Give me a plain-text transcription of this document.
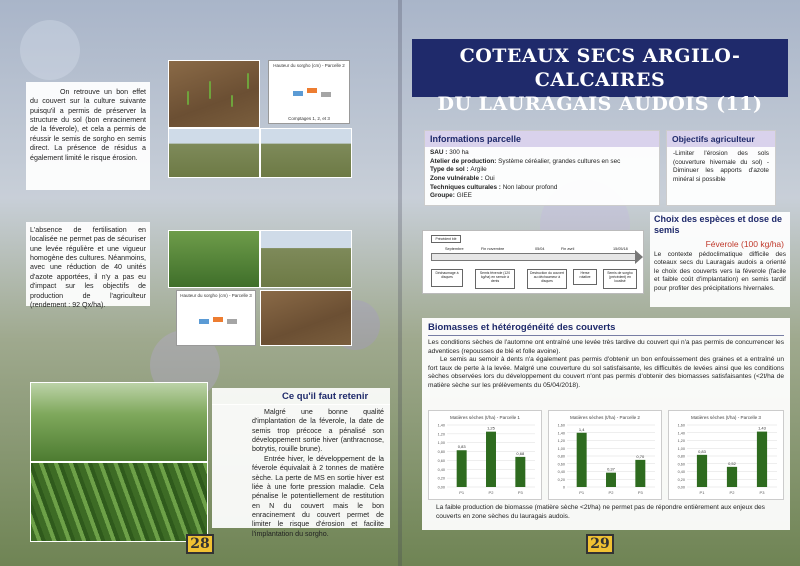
On retrouve un bon effet du couvert sur la culture suivante puisqu'il a permis de préserver la structure du sol (bon enracinement de la féverole), et cela a permis de réussir le semis de sorgho en semis direct. La présence de résidus a également limité le risque érosion.

L'absence de fertilisation en localisée ne permet pas de sécuriser une levée régulière et une vigueur homogène des cultures. Néanmoins, avec une réduction de 40 unités d'azote apportées, il n'y a pas eu d'impact sur les objectifs de production de l'agriculteur (rendement : 92 Qx/ha).

Hauteur du sorgho (cm) - Parcelle 2
Comptages 1, 2, et 3
Hauteur du sorgho (cm) - Parcelle 3
Ce qu'il faut retenir

Malgré une bonne qualité d'implantation de la féverole, la date de semis trop précoce a pénalisé son développement sortie hiver (anthracnose, botrytis, rouille brune).

Entrée hiver, le développement de la féverole équivalait à 2 tonnes de matière sèche. La perte de MS en sortie hiver est liée à une forte pression maladie. Cela pénalise le potentiellement de restitution en N du couvert mais le bon enracinement du couvert permet de limiter le risque d'érosion et facilite l'implantation du sorgho.

28
COTEAUX SECS ARGILO-CALCAIRES
DU LAURAGAIS AUDOIS (11)
Informations parcelle
SAU : 300 ha
Atelier de production: Système céréalier, grandes cultures en sec
Type de sol : Argile
Zone vulnérable : Oui
Techniques culturales : Non labour profond
Groupe: GIEE
Objectifs agriculteur
-Limiter l'érosion des sols (couverture hivernale du sol) -Diminuer les apports d'azote minéral si possible
Précédent blé
Septembre	Fin novembre	05/04	Fin avril	15/05/18
Déchaumage à disques
Semis féverole (120 kg/ha) en semoir à dents
Destruction du couvert au déchaumeur à disques
Herse rotative
Semis de sorgho (précédent) en localisé
Choix des espèces et dose de semis
Féverole (100 kg/ha)
Le contexte pédoclimatique difficile des coteaux secs du Lauragais audois a orienté le choix des couverts vers la féverole (facile et faible coût d'implantation) en semis tardif pour profiter des précipitations hivernales.
Biomasses et hétérogénéité des couverts
Les conditions sèches de l'automne ont entraîné une levée très tardive du couvert qui n'a pas permis de concurrencer les adventices (repousses de blé et folle avoine).
Le semis au semoir à dents n'a également pas permis d'obtenir un bon enfouissement des graines et a entraîné un fort taux de perte à la levée. Malgré une couverture du sol satisfaisante, les difficultés de levées ainsi que les conditions sèches observées lors du développement du couvert n'ont pas permis d'obtenir des biomasses satisfaisantes (<2t/ha de matière sèche sur les prélèvements du 05/04/2018).
Matières sèches (t/ha) - Parcelle 1
0,00
0,20
0,40
0,60
0,80
1,00
1,20
1,40
0,83
P1
1,25
P2
0,68
P3
Matières sèches (t/ha) - Parcelle 2
0
0,20
0,40
0,60
0,80
1,00
1,20
1,40
1,60
1,4
P1
0,37
P2
0,70
P3
Matières sèches (t/ha) - Parcelle 3
0,00
0,20
0,40
0,60
0,80
1,00
1,20
1,40
1,60
0,83
P1
0,52
P2
1,43
P3
La faible production de biomasse (matière sèche <2t/ha) ne permet pas de répondre entièrement aux enjeux des couverts en zone sèches du lauragais audois.
29
